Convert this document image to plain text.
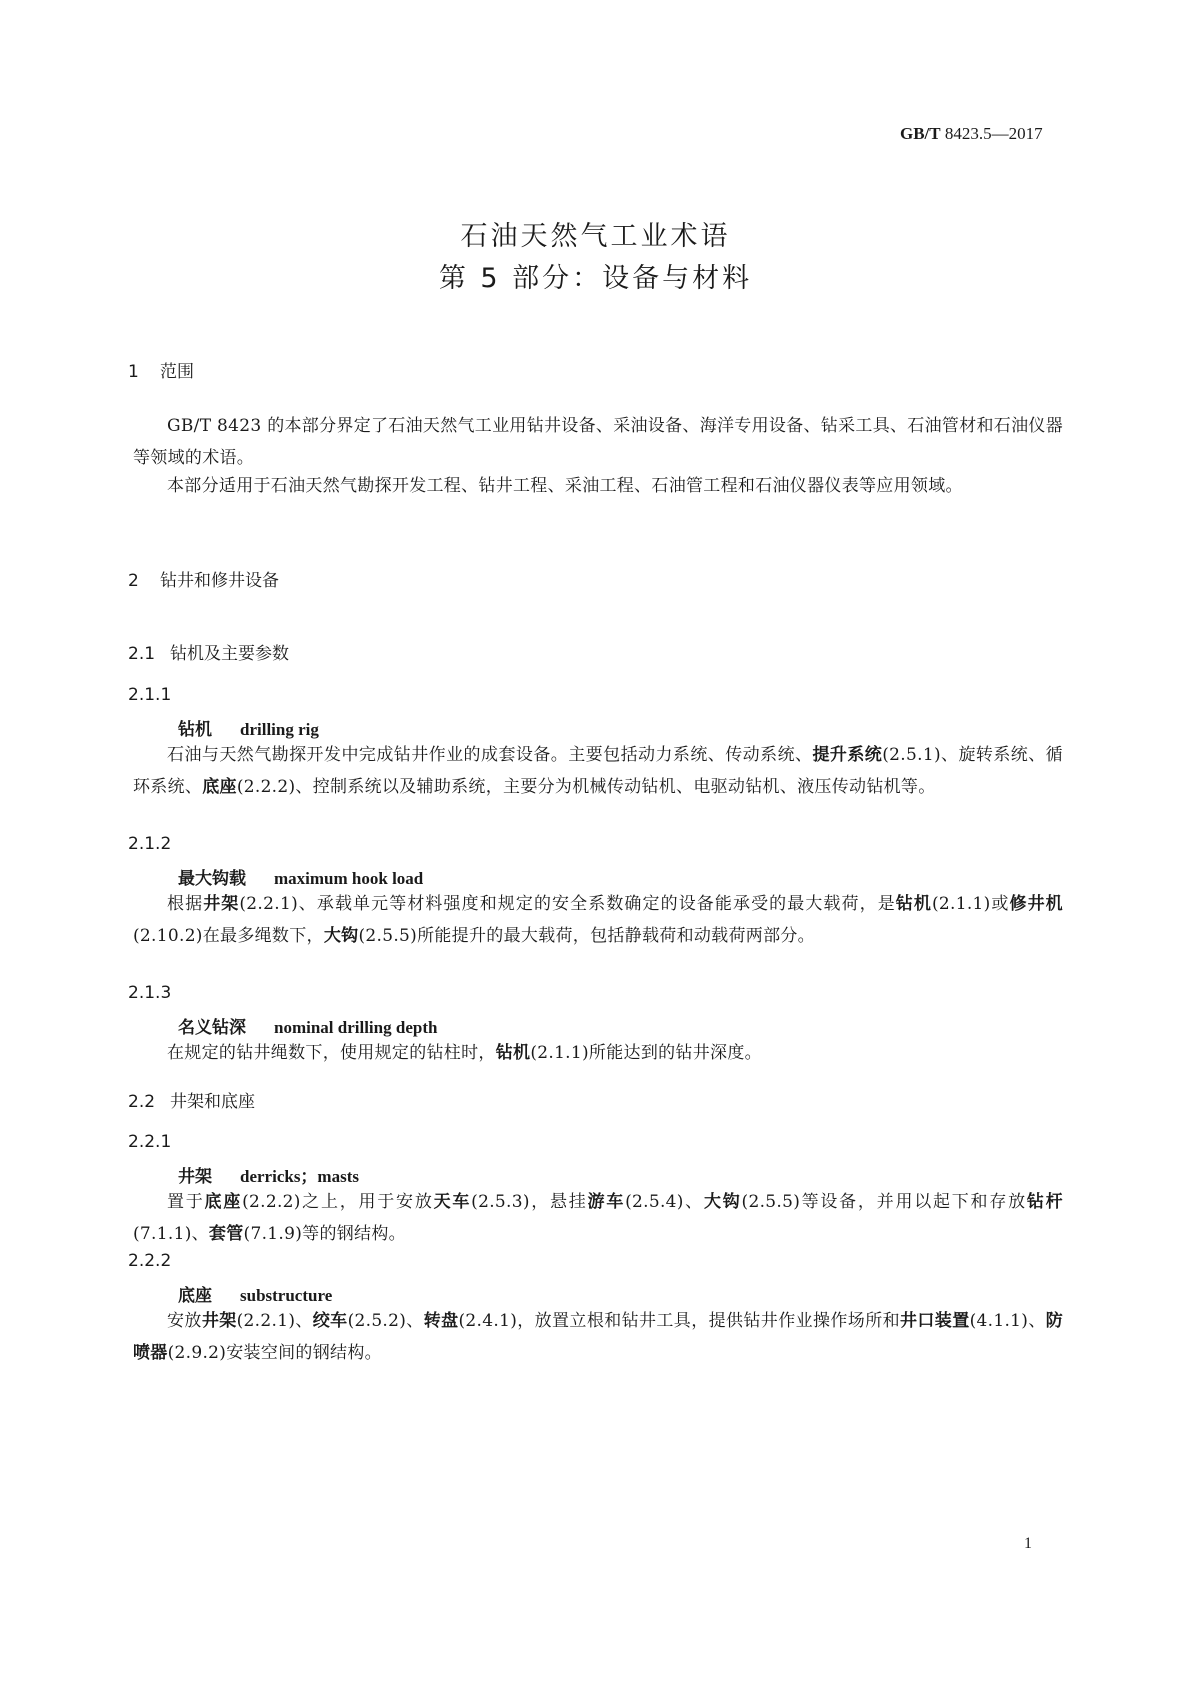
GB/T 8423.5—2017
石油天然气工业术语
第 5 部分：设备与材料
1 范围
GB/T 8423 的本部分界定了石油天然气工业用钻井设备、采油设备、海洋专用设备、钻采工具、石油管材和石油仪器等领域的术语。
本部分适用于石油天然气勘探开发工程、钻井工程、采油工程、石油管工程和石油仪器仪表等应用领域。
2 钻井和修井设备
2.1 钻机及主要参数
2.1.1
钻机 drilling rig
石油与天然气勘探开发中完成钻井作业的成套设备。主要包括动力系统、传动系统、提升系统(2.5.1)、旋转系统、循环系统、底座(2.2.2)、控制系统以及辅助系统，主要分为机械传动钻机、电驱动钻机、液压传动钻机等。
2.1.2
最大钩载 maximum hook load
根据井架(2.2.1)、承载单元等材料强度和规定的安全系数确定的设备能承受的最大载荷，是钻机(2.1.1)或修井机(2.10.2)在最多绳数下，大钩(2.5.5)所能提升的最大载荷，包括静载荷和动载荷两部分。
2.1.3
名义钻深 nominal drilling depth
在规定的钻井绳数下，使用规定的钻柱时，钻机(2.1.1)所能达到的钻井深度。
2.2 井架和底座
2.2.1
井架 derricks；masts
置于底座(2.2.2)之上，用于安放天车(2.5.3)，悬挂游车(2.5.4)、大钩(2.5.5)等设备，并用以起下和存放钻杆(7.1.1)、套管(7.1.9)等的钢结构。
2.2.2
底座 substructure
安放井架(2.2.1)、绞车(2.5.2)、转盘(2.4.1)，放置立根和钻井工具，提供钻井作业操作场所和井口装置(4.1.1)、防喷器(2.9.2)安装空间的钢结构。
1
